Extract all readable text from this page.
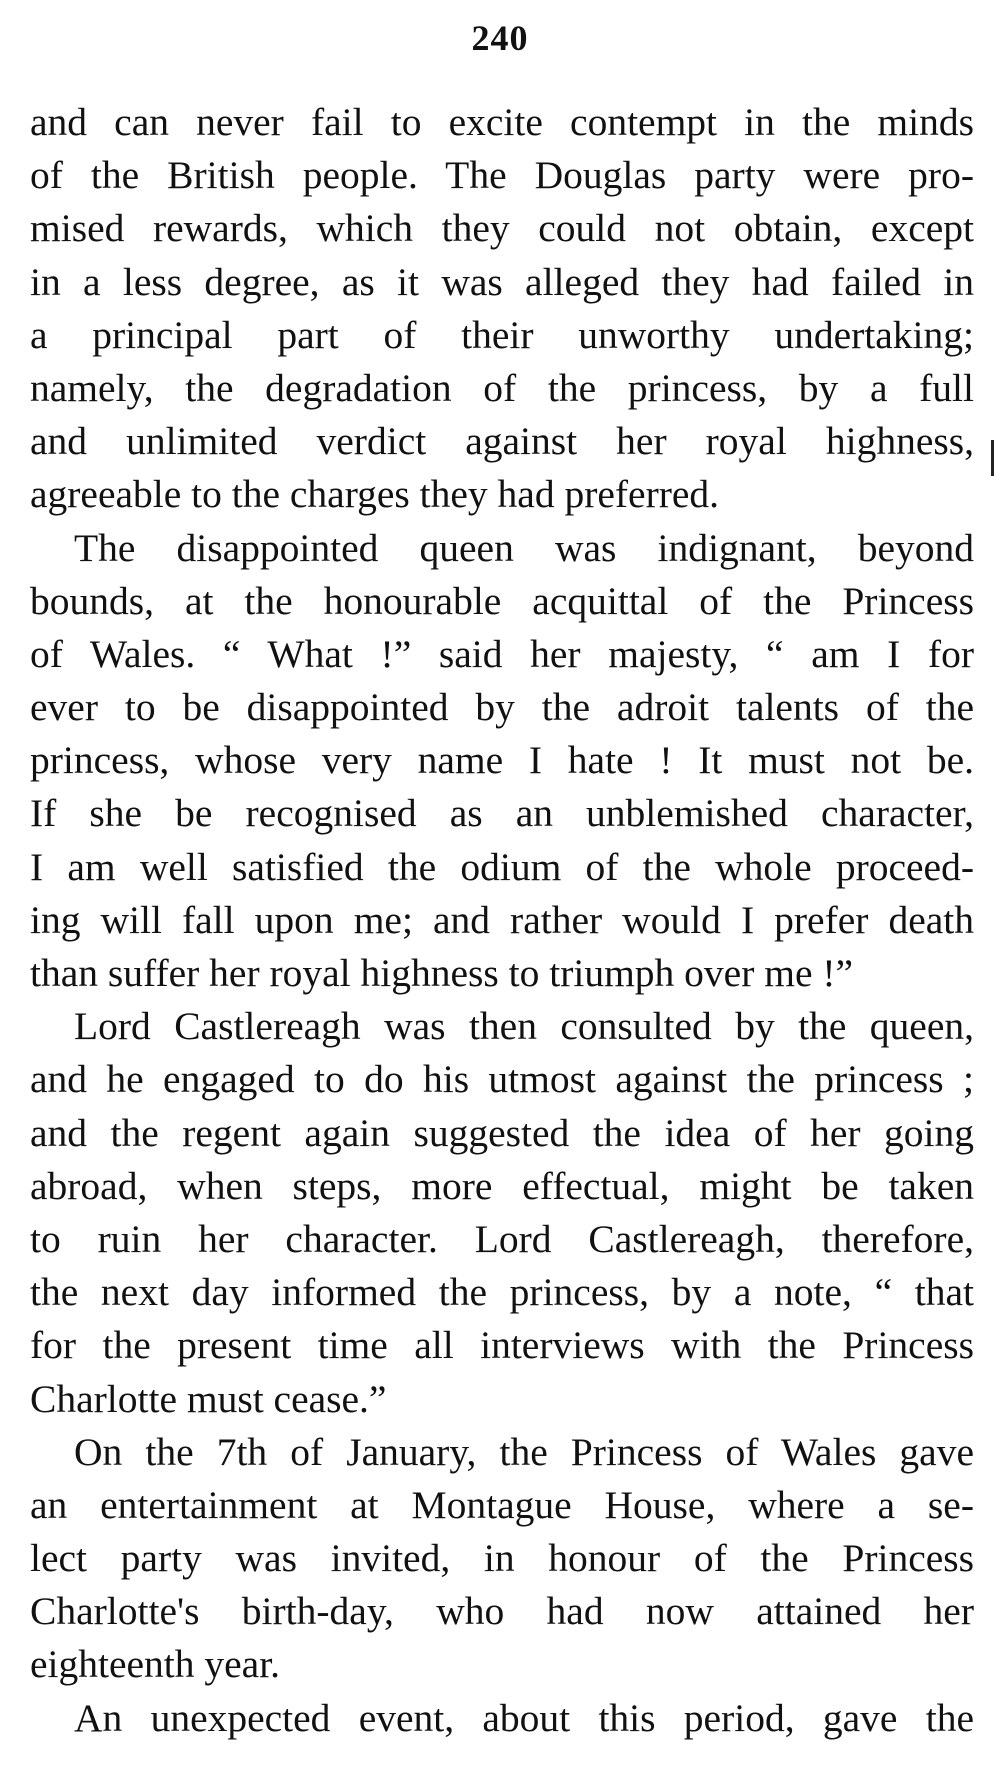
240
and can never fail to excite contempt in the minds
of the British people. The Douglas party were pro-
mised rewards, which they could not obtain, except
in a less degree, as it was alleged they had failed in
a principal part of their unworthy undertaking;
namely, the degradation of the princess, by a full
and unlimited verdict against her royal highness,
agreeable to the charges they had preferred.
The disappointed queen was indignant, beyond
bounds, at the honourable acquittal of the Princess
of Wales. “ What !” said her majesty, “ am I for
ever to be disappointed by the adroit talents of the
princess, whose very name I hate ! It must not be.
If she be recognised as an unblemished character,
I am well satisfied the odium of the whole proceed-
ing will fall upon me; and rather would I prefer death
than suffer her royal highness to triumph over me !”
Lord Castlereagh was then consulted by the queen,
and he engaged to do his utmost against the princess ;
and the regent again suggested the idea of her going
abroad, when steps, more effectual, might be taken
to ruin her character. Lord Castlereagh, therefore,
the next day informed the princess, by a note, “ that
for the present time all interviews with the Princess
Charlotte must cease.”
On the 7th of January, the Princess of Wales gave
an entertainment at Montague House, where a se-
lect party was invited, in honour of the Princess
Charlotte's birth-day, who had now attained her
eighteenth year.
An unexpected event, about this period, gave the
